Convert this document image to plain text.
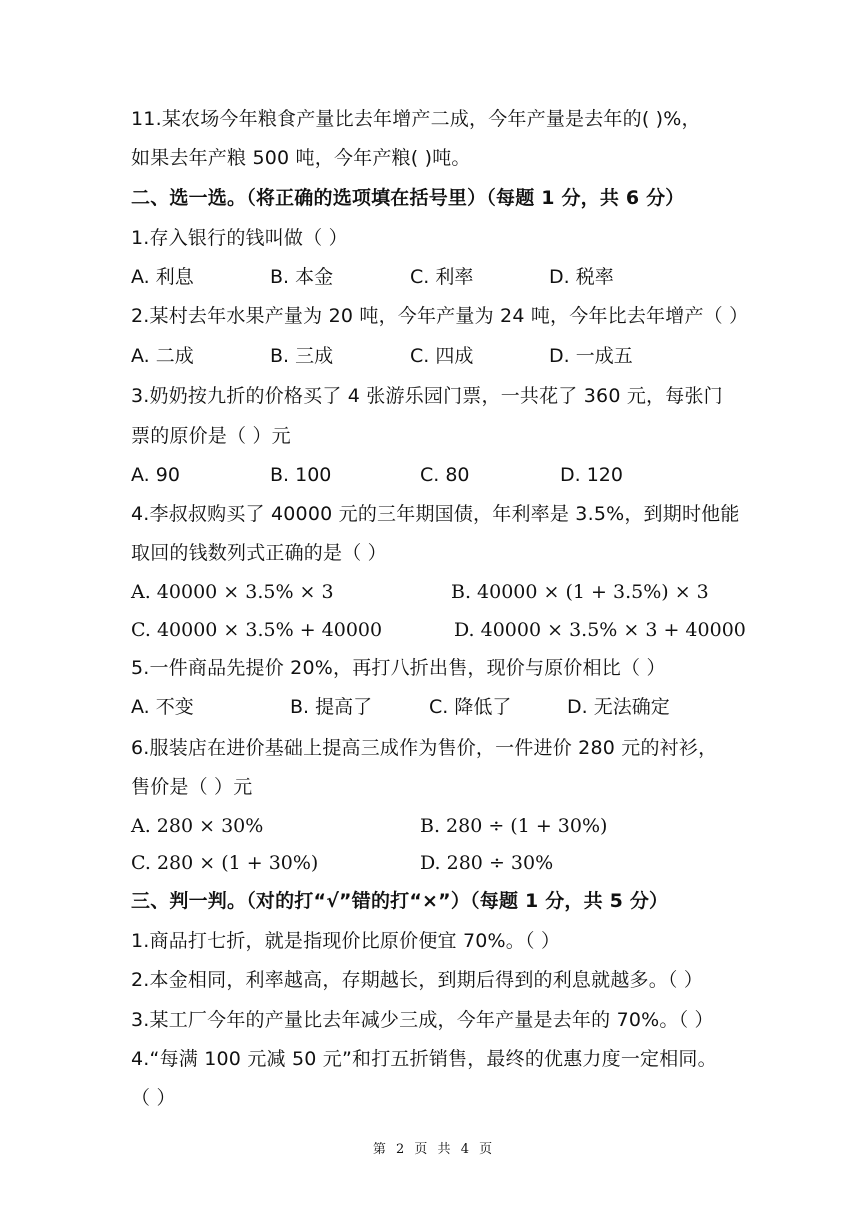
11.某农场今年粮食产量比去年增产二成，今年产量是去年的( )%，
如果去年产粮 500 吨，今年产粮( )吨。
二、选一选。（将正确的选项填在括号里）（每题 1 分，共 6 分）
1.存入银行的钱叫做（ ）
A. 利息	B. 本金	C. 利率	D. 税率
2.某村去年水果产量为 20 吨，今年产量为 24 吨，今年比去年增产（ ）
A. 二成	B. 三成	C. 四成	D. 一成五
3.奶奶按九折的价格买了 4 张游乐园门票，一共花了 360 元，每张门
票的原价是（ ）元
A. 90	B. 100	C. 80	D. 120
4.李叔叔购买了 40000 元的三年期国债，年利率是 3.5%，到期时他能
取回的钱数列式正确的是（ ）
A. 40000 × 3.5% × 3	B. 40000 × (1 + 3.5%) × 3
C. 40000 × 3.5% + 40000	D. 40000 × 3.5% × 3 + 40000
5.一件商品先提价 20%，再打八折出售，现价与原价相比（ ）
A. 不变	B. 提高了	C. 降低了	D. 无法确定
6.服装店在进价基础上提高三成作为售价，一件进价 280 元的衬衫，
售价是（ ）元
A. 280 × 30%	B. 280 ÷ (1 + 30%)
C. 280 × (1 + 30%)	D. 280 ÷ 30%
三、判一判。（对的打“√”错的打“×”）（每题 1 分，共 5 分）
1.商品打七折，就是指现价比原价便宜 70%。（ ）
2.本金相同，利率越高，存期越长，到期后得到的利息就越多。（ ）
3.某工厂今年的产量比去年减少三成，今年产量是去年的 70%。（ ）
4.“每满 100 元减 50 元”和打五折销售，最终的优惠力度一定相同。
（ ）
第 2 页 共 4 页
